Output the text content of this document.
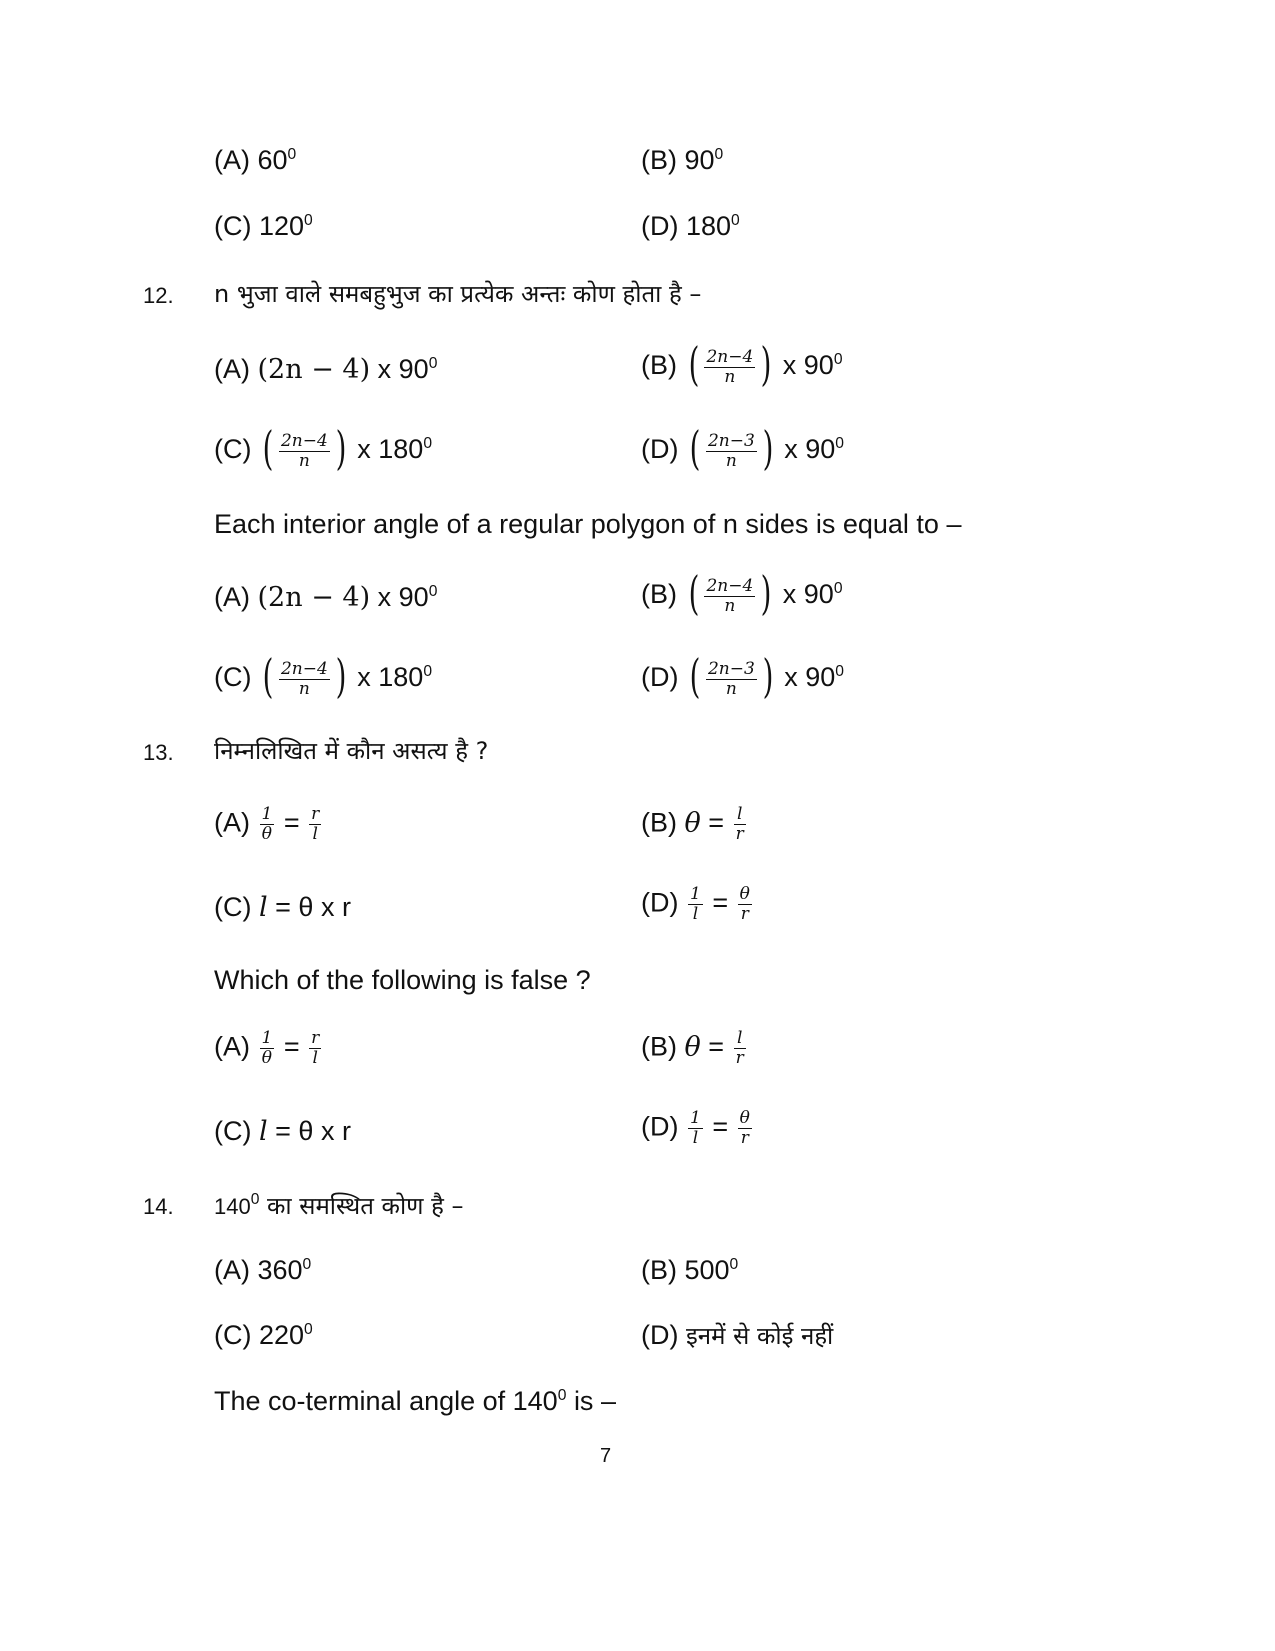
(A) $60^0$	(B) $90^0$
(C) $120^0$	(D) $180^0$
12. n भुजा वाले समबहुभुज का प्रत्येक अन्तः कोण होता है –
(A) (2n − 4) x $90^0$	(B) ( $\frac{2n-4}{n}$ ) x $90^0$
(C) ( $\frac{2n-4}{n}$ ) x $180^0$	(D) ( $\frac{2n-3}{n}$ ) x $90^0$
Each interior angle of a regular polygon of n sides is equal to –
(A) (2n − 4) x $90^0$	(B) ( $\frac{2n-4}{n}$ ) x $90^0$
(C) ( $\frac{2n-4}{n}$ ) x $180^0$	(D) ( $\frac{2n-3}{n}$ ) x $90^0$
13. निम्नलिखित में कौन असत्य है ?
$(A) \frac{1}{\theta} = \frac{r}{l}$	(B) $\theta = \frac{l}{r}$
(C) l = θ x r	$(D) \frac{1}{l} = \frac{\theta}{r}$
Which of the following is false ?
$(A) \frac{1}{\theta} = \frac{r}{l}$	(B) $\theta = \frac{l}{r}$
(C) l = θ x r	$(D) \frac{1}{l} = \frac{\theta}{r}$
14. $140^0$ का समस्थित कोण है –
(A) $360^0$	(B) $500^0$
(C) $220^0$	(D) इनमें से कोई नहीं
The co-terminal angle of $140^0$ is –
7
